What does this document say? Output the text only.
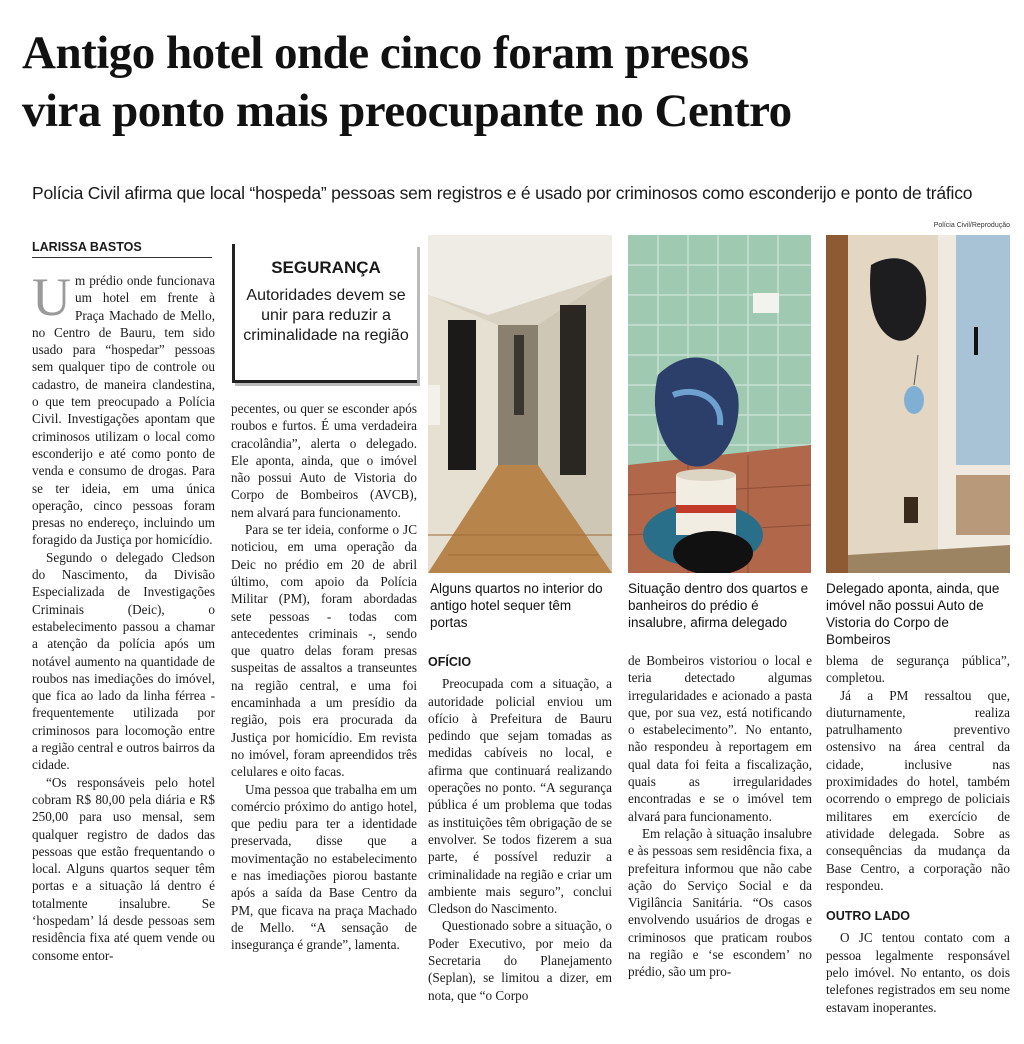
Antigo hotel onde cinco foram presos
vira ponto mais preocupante no Centro
Polícia Civil afirma que local “hospeda” pessoas sem registros e é usado por criminosos como esconderijo e ponto de tráfico
Polícia Civil/Reprodução
LARISSA BASTOS

Um prédio onde funcionava um hotel em frente à Praça Machado de Mello, no Centro de Bauru, tem sido usado para “hospedar” pessoas sem qualquer tipo de controle ou cadastro, de maneira clandestina, o que tem preocupado a Polícia Civil. Investigações apontam que criminosos utilizam o local como esconderijo e até como ponto de venda e consumo de drogas. Para se ter ideia, em uma única operação, cinco pessoas foram presas no endereço, incluindo um foragido da Justiça por homicídio.

Segundo o delegado Cledson do Nascimento, da Divisão Especializada de Investigações Criminais (Deic), o estabelecimento passou a chamar a atenção da polícia após um notável aumento na quantidade de roubos nas imediações do imóvel, que fica ao lado da linha férrea - frequentemente utilizada por criminosos para locomoção entre a região central e outros bairros da cidade.

“Os responsáveis pelo hotel cobram R$ 80,00 pela diária e R$ 250,00 para uso mensal, sem qualquer registro de dados das pessoas que estão frequentando o local. Alguns quartos sequer têm portas e a situação lá dentro é totalmente insalubre. Se ‘hospedam’ lá desde pessoas sem residência fixa até quem vende ou consome entor-

SEGURANÇA
Autoridades devem se unir para reduzir a criminalidade na região

pecentes, ou quer se esconder após roubos e furtos. É uma verdadeira cracolândia”, alerta o delegado. Ele aponta, ainda, que o imóvel não possui Auto de Vistoria do Corpo de Bombeiros (AVCB), nem alvará para funcionamento.

Para se ter ideia, conforme o JC noticiou, em uma operação da Deic no prédio em 20 de abril último, com apoio da Polícia Militar (PM), foram abordadas sete pessoas - todas com antecedentes criminais -, sendo que quatro delas foram presas suspeitas de assaltos a transeuntes na região central, e uma foi encaminhada a um presídio da região, pois era procurada da Justiça por homicídio. Em revista no imóvel, foram apreendidos três celulares e oito facas.

Uma pessoa que trabalha em um comércio próximo do antigo hotel, que pediu para ter a identidade preservada, disse que a movimentação no estabelecimento e nas imediações piorou bastante após a saída da Base Centro da PM, que ficava na praça Machado de Mello. “A sensação de insegurança é grande”, lamenta.

Alguns quartos no interior do antigo hotel sequer têm portas
Situação dentro dos quartos e banheiros do prédio é insalubre, afirma delegado
Delegado aponta, ainda, que imóvel não possui Auto de Vistoria do Corpo de Bombeiros
OFÍCIO

Preocupada com a situação, a autoridade policial enviou um ofício à Prefeitura de Bauru pedindo que sejam tomadas as medidas cabíveis no local, e afirma que continuará realizando operações no ponto. “A segurança pública é um problema que todas as instituições têm obrigação de se envolver. Se todos fizerem a sua parte, é possível reduzir a criminalidade na região e criar um ambiente mais seguro”, conclui Cledson do Nascimento.

Questionado sobre a situação, o Poder Executivo, por meio da Secretaria do Planejamento (Seplan), se limitou a dizer, em nota, que “o Corpo

de Bombeiros vistoriou o local e teria detectado algumas irregularidades e acionado a pasta que, por sua vez, está notificando o estabelecimento”. No entanto, não respondeu à reportagem em qual data foi feita a fiscalização, quais as irregularidades encontradas e se o imóvel tem alvará para funcionamento.

Em relação à situação insalubre e às pessoas sem residência fixa, a prefeitura informou que não cabe ação do Serviço Social e da Vigilância Sanitária. “Os casos envolvendo usuários de drogas e criminosos que praticam roubos na região e ‘se escondem’ no prédio, são um pro-

blema de segurança pública”, completou.

Já a PM ressaltou que, diuturnamente, realiza patrulhamento preventivo ostensivo na área central da cidade, inclusive nas proximidades do hotel, também ocorrendo o emprego de policiais militares em exercício de atividade delegada. Sobre as consequências da mudança da Base Centro, a corporação não respondeu.

OUTRO LADO

O JC tentou contato com a pessoa legalmente responsável pelo imóvel. No entanto, os dois telefones registrados em seu nome estavam inoperantes.
